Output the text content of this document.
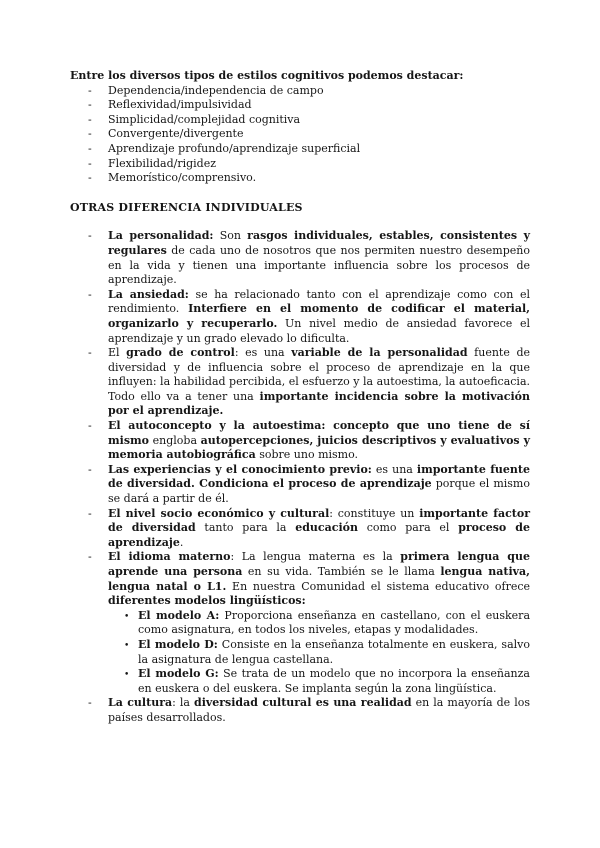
Entre los diversos tipos de estilos cognitivos podemos destacar:

- Dependencia/independencia de campo
- Reflexividad/impulsividad
- Simplicidad/complejidad cognitiva
- Convergente/divergente
- Aprendizaje profundo/aprendizaje superficial
- Flexibilidad/rigidez
- Memorístico/comprensivo.

OTRAS DIFERENCIA INDIVIDUALES

- La personalidad: Son rasgos individuales, estables, consistentes y regulares de cada uno de nosotros que nos permiten nuestro desempeño en la vida y tienen una importante influencia sobre los procesos de aprendizaje.
- La ansiedad: se ha relacionado tanto con el aprendizaje como con el rendimiento. Interfiere en el momento de codificar el material, organizarlo y recuperarlo. Un nivel medio de ansiedad favorece el aprendizaje y un grado elevado lo dificulta.
- El grado de control: es una variable de la personalidad fuente de diversidad y de influencia sobre el proceso de aprendizaje en la que influyen: la habilidad percibida, el esfuerzo y la autoestima, la autoeficacia. Todo ello va a tener una importante incidencia sobre la motivación por el aprendizaje.
- El autoconcepto y la autoestima: concepto que uno tiene de sí mismo engloba autopercepciones, juicios descriptivos y evaluativos y memoria autobiográfica sobre uno mismo.
- Las experiencias y el conocimiento previo: es una importante fuente de diversidad. Condiciona el proceso de aprendizaje porque el mismo se dará a partir de él.
- El nivel socio económico y cultural: constituye un importante factor de diversidad tanto para la educación como para el proceso de aprendizaje.
- El idioma materno: La lengua materna es la primera lengua que aprende una persona en su vida. También se le llama lengua nativa, lengua natal o L1. En nuestra Comunidad el sistema educativo ofrece diferentes modelos lingüísticos:
• El modelo A: Proporciona enseñanza en castellano, con el euskera como asignatura, en todos los niveles, etapas y modalidades.
• El modelo D: Consiste en la enseñanza totalmente en euskera, salvo la asignatura de lengua castellana.
• El modelo G: Se trata de un modelo que no incorpora la enseñanza en euskera o del euskera. Se implanta según la zona lingüística.
- La cultura: la diversidad cultural es una realidad en la mayoría de los países desarrollados.
